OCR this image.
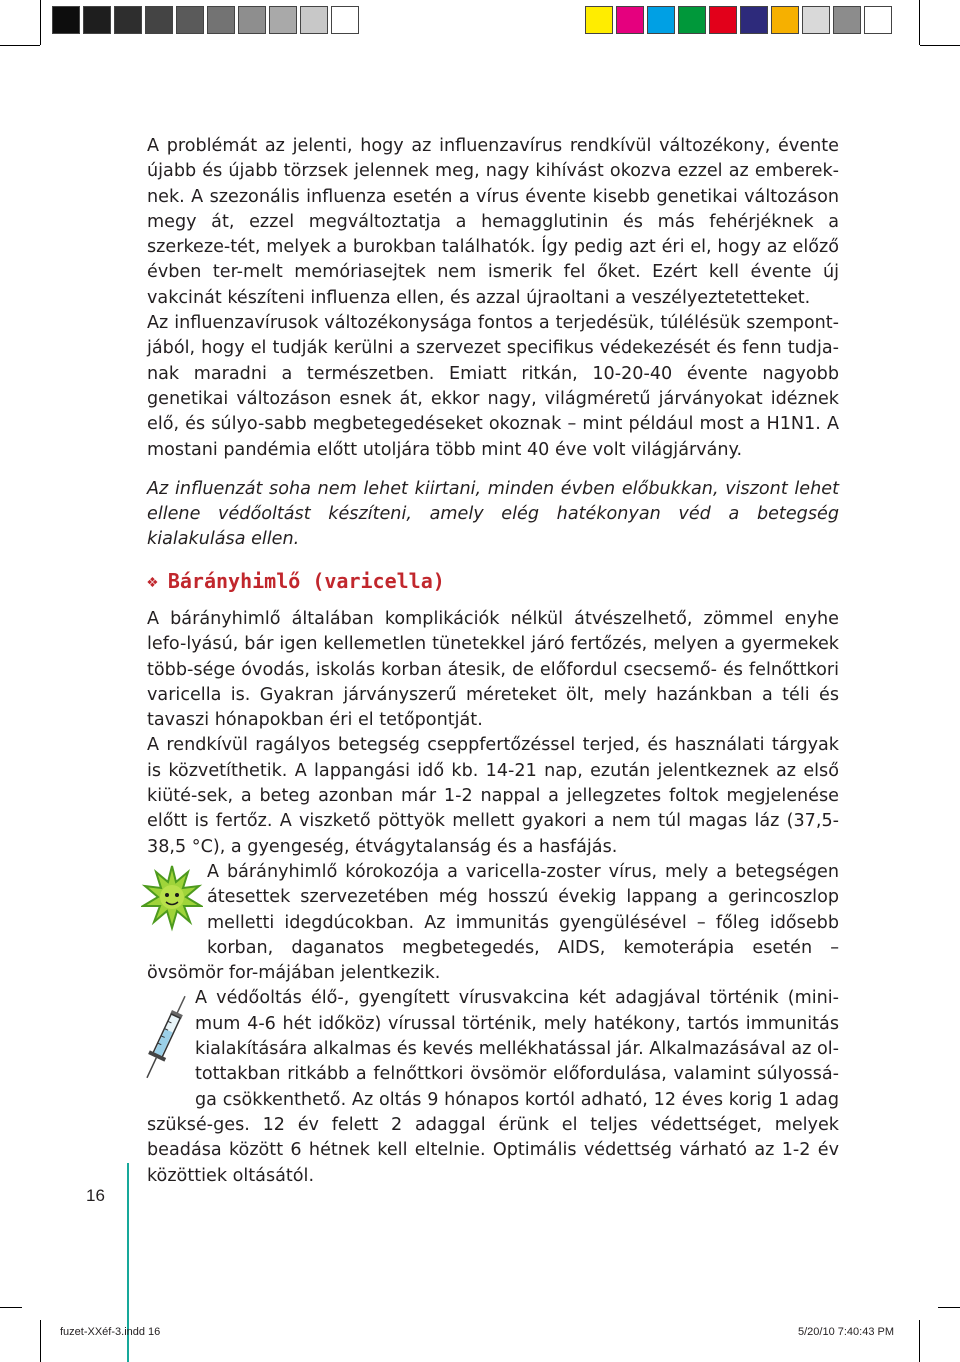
A problémát az jelenti, hogy az influenzavírus rendkívül változékony, évente újabb és újabb törzsek jelennek meg, nagy kihívást okozva ezzel az emberek-nek. A szezonális influenza esetén a vírus évente kisebb genetikai változáson megy át, ezzel megváltoztatja a hemagglutinin és más fehérjéknek a szerkeze-tét, melyek a burokban találhatók. Így pedig azt éri el, hogy az előző évben ter-melt memóriasejtek nem ismerik fel őket. Ezért kell évente új vakcinát készíteni influenza ellen, és azzal újraoltani a veszélyeztetetteket.

Az influenzavírusok változékonysága fontos a terjedésük, túlélésük szempont-jából, hogy el tudják kerülni a szervezet specifikus védekezését és fenn tudja-nak maradni a természetben. Emiatt ritkán, 10-20-40 évente nagyobb genetikai változáson esnek át, ekkor nagy, világméretű járványokat idéznek elő, és súlyo-sabb megbetegedéseket okoznak – mint például most a H1N1. A mostani pandémia előtt utoljára több mint 40 éve volt világjárvány.

Az influenzát soha nem lehet kiirtani, minden évben előbukkan, viszont lehet ellene védőoltást készíteni, amely elég hatékonyan véd a betegség kialakulása ellen.

❖ Bárányhimlő (varicella)

A bárányhimlő általában komplikációk nélkül átvészelhető, zömmel enyhe lefo-lyású, bár igen kellemetlen tünetekkel járó fertőzés, melyen a gyermekek több-sége óvodás, iskolás korban átesik, de előfordul csecsemő- és felnőttkori varicella is. Gyakran járványszerű méreteket ölt, mely hazánkban a téli és tavaszi hónapokban éri el tetőpontját.

A rendkívül ragályos betegség cseppfertőzéssel terjed, és használati tárgyak is közvetíthetik. A lappangási idő kb. 14-21 nap, ezután jelentkeznek az első kiüté-sek, a beteg azonban már 1-2 nappal a jellegzetes foltok megjelenése előtt is fertőz. A viszkető pöttyök mellett gyakori a nem túl magas láz (37,5-38,5 °C), a gyengeség, étvágytalanság és a hasfájás.

A bárányhimlő kórokozója a varicella-zoster vírus, mely a betegségen átesettek szervezetében még hosszú évekig lappang a gerincoszlop melletti idegdúcokban. Az immunitás gyengülésével – főleg idősebb korban, daganatos megbetegedés, AIDS, kemoterápia esetén – övsömör for-májában jelentkezik.

A védőoltás élő-, gyengített vírusvakcina két adagjával történik (mini-mum 4-6 hét időköz) vírussal történik, mely hatékony, tartós immunitás kialakítására alkalmas és kevés mellékhatással jár. Alkalmazásával az ol-tottakban ritkább a felnőttkori övsömör előfordulása, valamint súlyossá-ga csökkenthető. Az oltás 9 hónapos kortól adható, 12 éves korig 1 adag szüksé-ges. 12 év felett 2 adaggal érünk el teljes védettséget, melyek beadása között 6 hétnek kell eltelnie. Optimális védettség várható az 1-2 év közöttiek oltásától.

16
fuzet-XXéf-3.indd 16	5/20/10 7:40:43 PM
